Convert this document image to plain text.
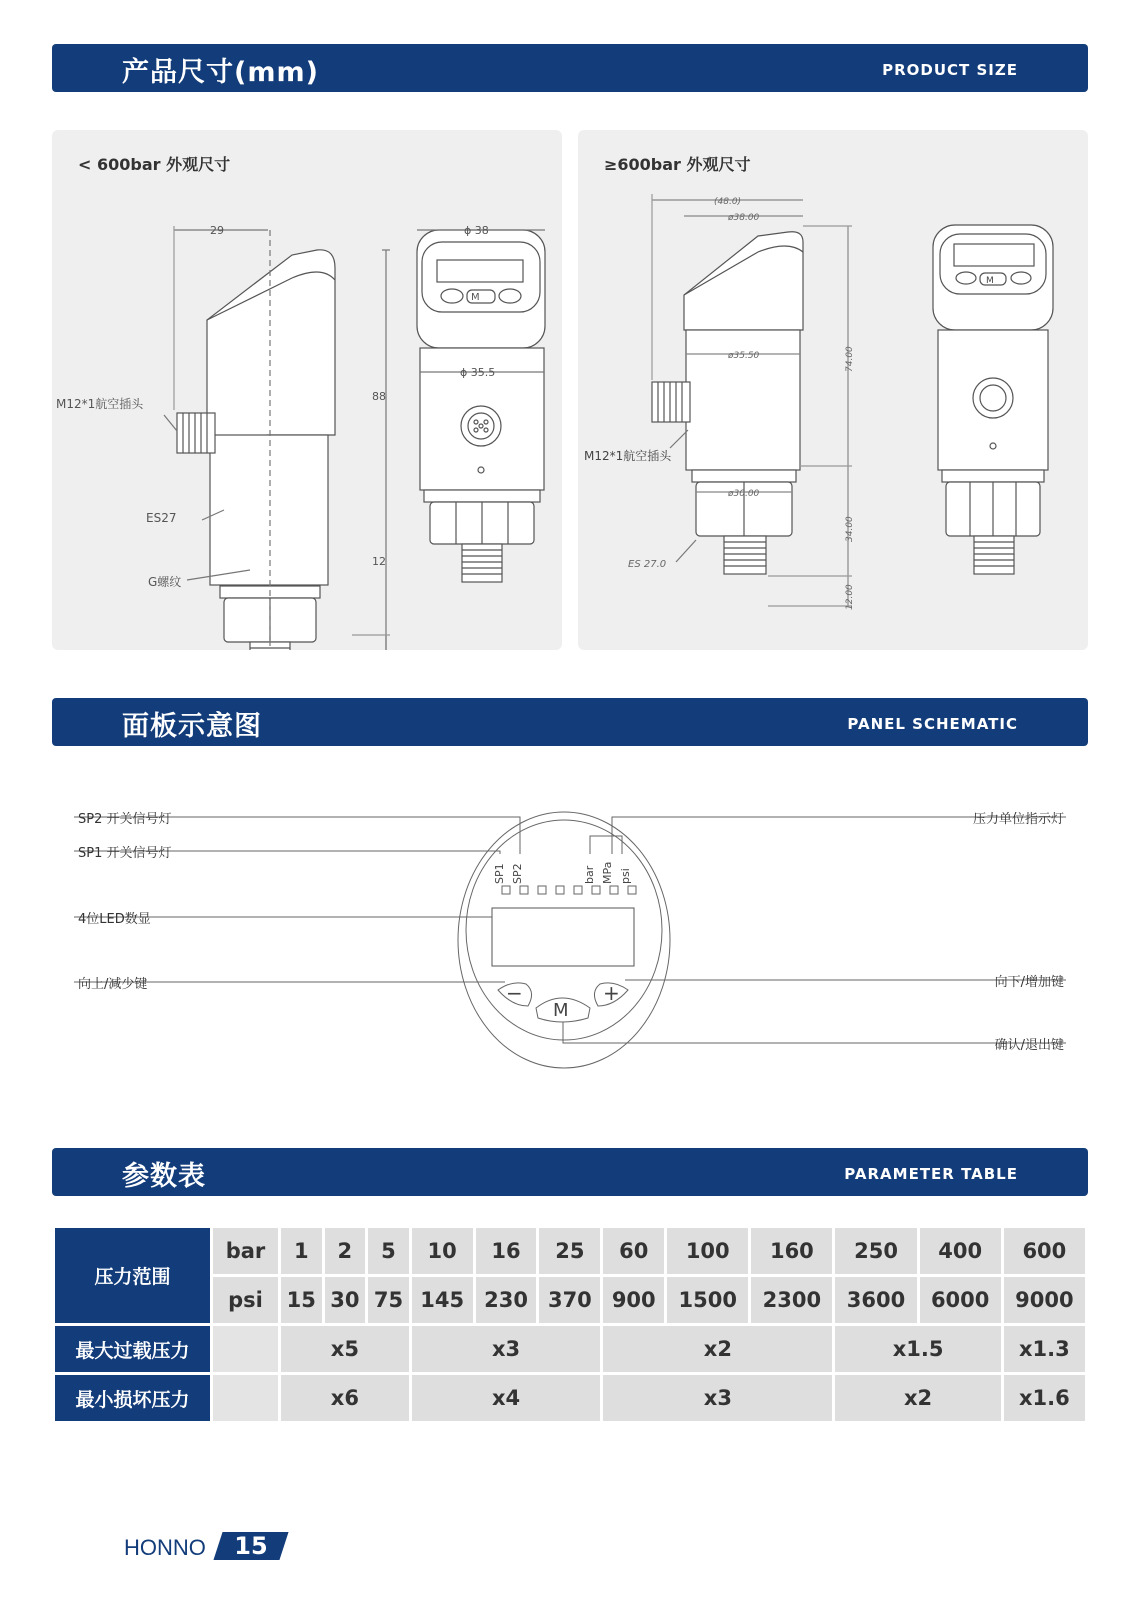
产品尺寸(mm)	PRODUCT SIZE
< 600bar 外观尺寸
29	ϕ 38
ϕ 35.5
88
12
M12*1航空插头
ES27
G螺纹
M
≥600bar 外观尺寸
(48.0)
ø38.00
ø35.50
ø30.00
74.00
34.00
12.00
ES 27.0
M12*1航空插头
M
面板示意图	PANEL SCHEMATIC
SP1 SP2	bar MPa psi
−
M
+
SP2 开关信号灯
SP1 开关信号灯
4位LED数显
向上/减少键
压力单位指示灯
向下/增加键
确认/退出键
参数表	PARAMETER TABLE
压力范围	bar	1	2	5	10	16	25	60	100	160	250	400	600
	psi	15	30	75	145	230	370	900	1500	2300	3600	6000	9000
最大过载压力		x5			x3			x2			x1.5		x1.3
最小损坏压力		x6			x4			x3			x2		x1.6
HONNO	15
